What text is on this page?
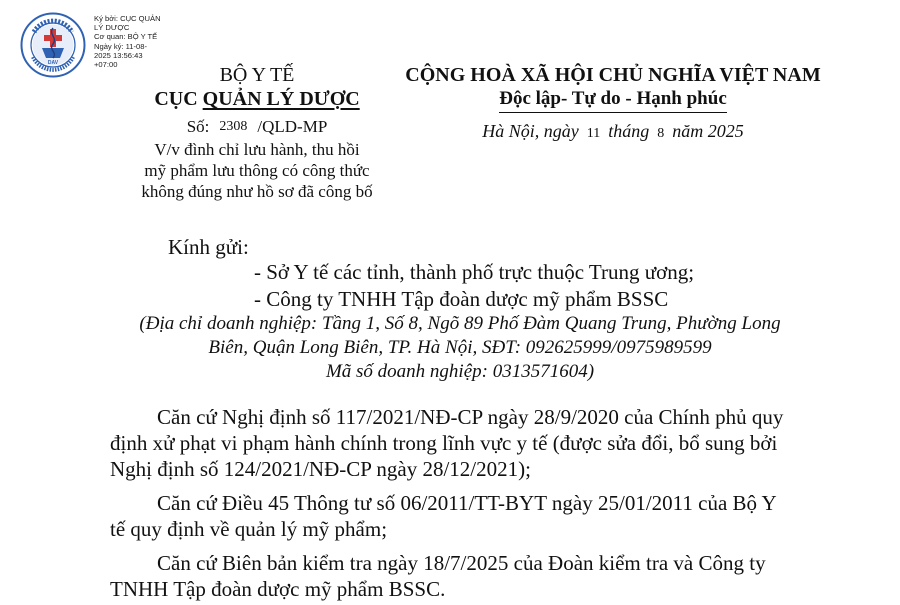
DAV
Ký bởi: CỤC QUẢN
LÝ DƯỢC
Cơ quan: BỘ Y TẾ
Ngày ký: 11-08-
2025 13:56:43
+07:00	BỘ Y TẾ
CỤC QUẢN LÝ DƯỢC
Số: 2308 /QLD-MP
V/v đình chỉ lưu hành, thu hồi
mỹ phẩm lưu thông có công thức
không đúng như hồ sơ đã công bố
CỘNG HOÀ XÃ HỘI CHỦ NGHĨA VIỆT NAM
Độc lập- Tự do - Hạnh phúc
Hà Nội, ngày 11 tháng 8 năm 2025
Kính gửi:
- Sở Y tế các tỉnh, thành phố trực thuộc Trung ương;
- Công ty TNHH Tập đoàn dược mỹ phẩm BSSC
(Địa chỉ doanh nghiệp: Tầng 1, Số 8, Ngõ 89 Phố Đàm Quang Trung, Phường Long
Biên, Quận Long Biên, TP. Hà Nội, SĐT: 092625999/0975989599
Mã số doanh nghiệp: 0313571604)
Căn cứ Nghị định số 117/2021/NĐ-CP ngày 28/9/2020 của Chính phủ quy
định xử phạt vi phạm hành chính trong lĩnh vực y tế (được sửa đổi, bổ sung bởi
Nghị định số 124/2021/NĐ-CP ngày 28/12/2021);
Căn cứ Điều 45 Thông tư số 06/2011/TT-BYT ngày 25/01/2011 của Bộ Y
tế quy định về quản lý mỹ phẩm;
Căn cứ Biên bản kiểm tra ngày 18/7/2025 của Đoàn kiểm tra và Công ty
TNHH Tập đoàn dược mỹ phẩm BSSC.
